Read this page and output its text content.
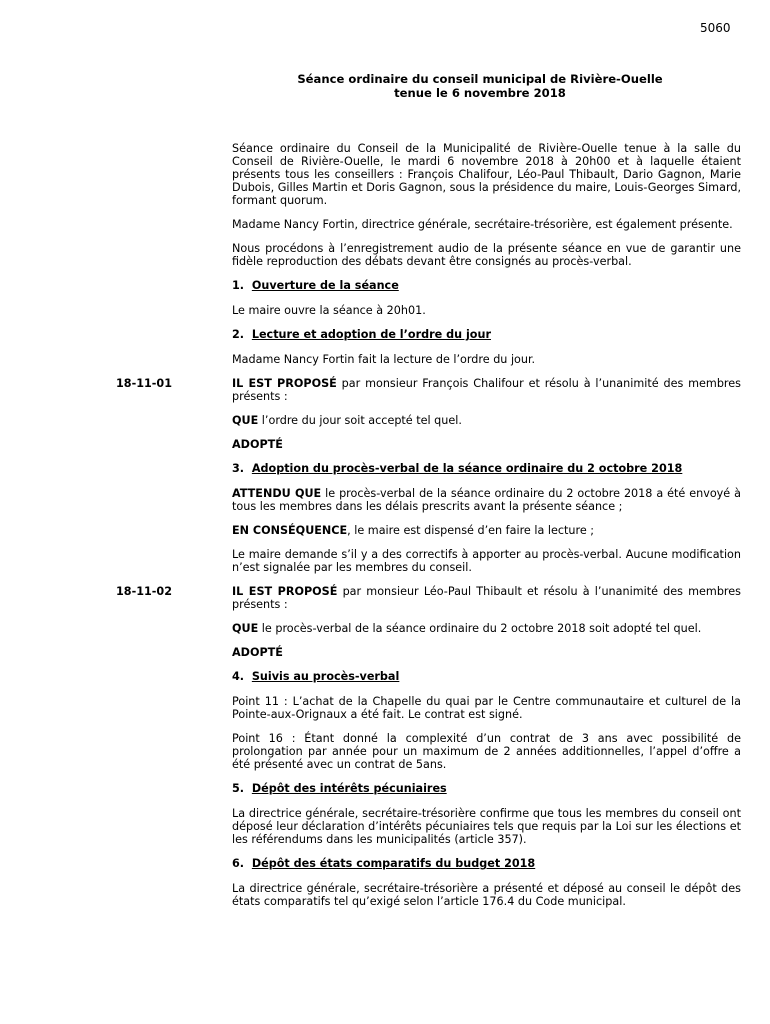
5060
Séance ordinaire du conseil municipal de Rivière-Ouelle
tenue le 6 novembre 2018

Séance ordinaire du Conseil de la Municipalité de Rivière-Ouelle tenue à la salle du Conseil de Rivière-Ouelle, le mardi 6 novembre 2018 à 20h00 et à laquelle étaient présents tous les conseillers : François Chalifour, Léo-Paul Thibault, Dario Gagnon, Marie Dubois, Gilles Martin et Doris Gagnon, sous la présidence du maire, Louis-Georges Simard, formant quorum.

Madame Nancy Fortin, directrice générale, secrétaire-trésorière, est également présente.

Nous procédons à l’enregistrement audio de la présente séance en vue de garantir une fidèle reproduction des débats devant être consignés au procès-verbal.

1. Ouverture de la séance

Le maire ouvre la séance à 20h01.

2. Lecture et adoption de l’ordre du jour

Madame Nancy Fortin fait la lecture de l’ordre du jour.

18-11-01	IL EST PROPOSÉ par monsieur François Chalifour et résolu à l’unanimité des membres présents :

QUE l’ordre du jour soit accepté tel quel.

ADOPTÉ

3. Adoption du procès-verbal de la séance ordinaire du 2 octobre 2018

ATTENDU QUE le procès-verbal de la séance ordinaire du 2 octobre 2018 a été envoyé à tous les membres dans les délais prescrits avant la présente séance ;

EN CONSÉQUENCE, le maire est dispensé d’en faire la lecture ;

Le maire demande s’il y a des correctifs à apporter au procès-verbal. Aucune modification n’est signalée par les membres du conseil.

18-11-02	IL EST PROPOSÉ par monsieur Léo-Paul Thibault et résolu à l’unanimité des membres présents :

QUE le procès-verbal de la séance ordinaire du 2 octobre 2018 soit adopté tel quel.

ADOPTÉ

4. Suivis au procès-verbal

Point 11 : L’achat de la Chapelle du quai par le Centre communautaire et culturel de la Pointe-aux-Orignaux a été fait. Le contrat est signé.

Point 16 : Étant donné la complexité d’un contrat de 3 ans avec possibilité de prolongation par année pour un maximum de 2 années additionnelles, l’appel d’offre a été présenté avec un contrat de 5ans.

5. Dépôt des intérêts pécuniaires

La directrice générale, secrétaire-trésorière confirme que tous les membres du conseil ont déposé leur déclaration d’intérêts pécuniaires tels que requis par la Loi sur les élections et les référendums dans les municipalités (article 357).

6. Dépôt des états comparatifs du budget 2018

La directrice générale, secrétaire-trésorière a présenté et déposé au conseil le dépôt des états comparatifs tel qu’exigé selon l’article 176.4 du Code municipal.
